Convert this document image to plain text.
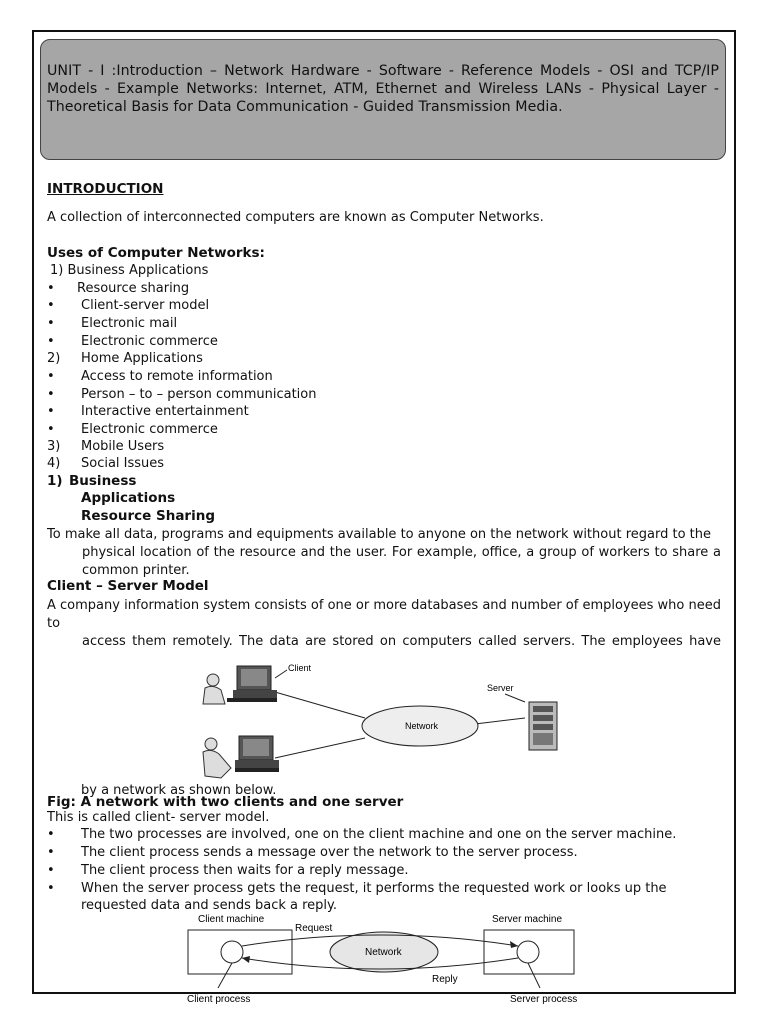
UNIT - I :Introduction – Network Hardware - Software - Reference Models - OSI and TCP/IP Models - Example Networks: Internet, ATM, Ethernet and Wireless LANs - Physical Layer - Theoretical Basis for Data Communication - Guided Transmission Media.
INTRODUCTION
A collection of interconnected computers are known as Computer Networks.
Uses of Computer Networks:
1) Business Applications
• Resource sharing
• Client-server model
• Electronic mail
• Electronic commerce
2) Home Applications
• Access to remote information
• Person – to – person communication
• Interactive entertainment
• Electronic commerce
3) Mobile Users
4) Social Issues
1) Business
Applications
Resource Sharing
To make all data, programs and equipments available to anyone on the network without regard to the
physical location of the resource and the user. For example, office, a group of workers to share a common printer.
Client – Server Model
A company information system consists of one or more databases and number of employees who need to
access them remotely. The data are stored on computers called servers. The employees have
Network
Client
Server
by a network as shown below.
Fig: A network with two clients and one server
This is called client- server model.
• The two processes are involved, one on the client machine and one on the server machine.
• The client process sends a message over the network to the server process.
• The client process then waits for a reply message.
• When the server process gets the request, it performs the requested work or looks up the
requested data and sends back a reply.
Client machine	Server machine
Network
Request
Reply
Client process	Server process
